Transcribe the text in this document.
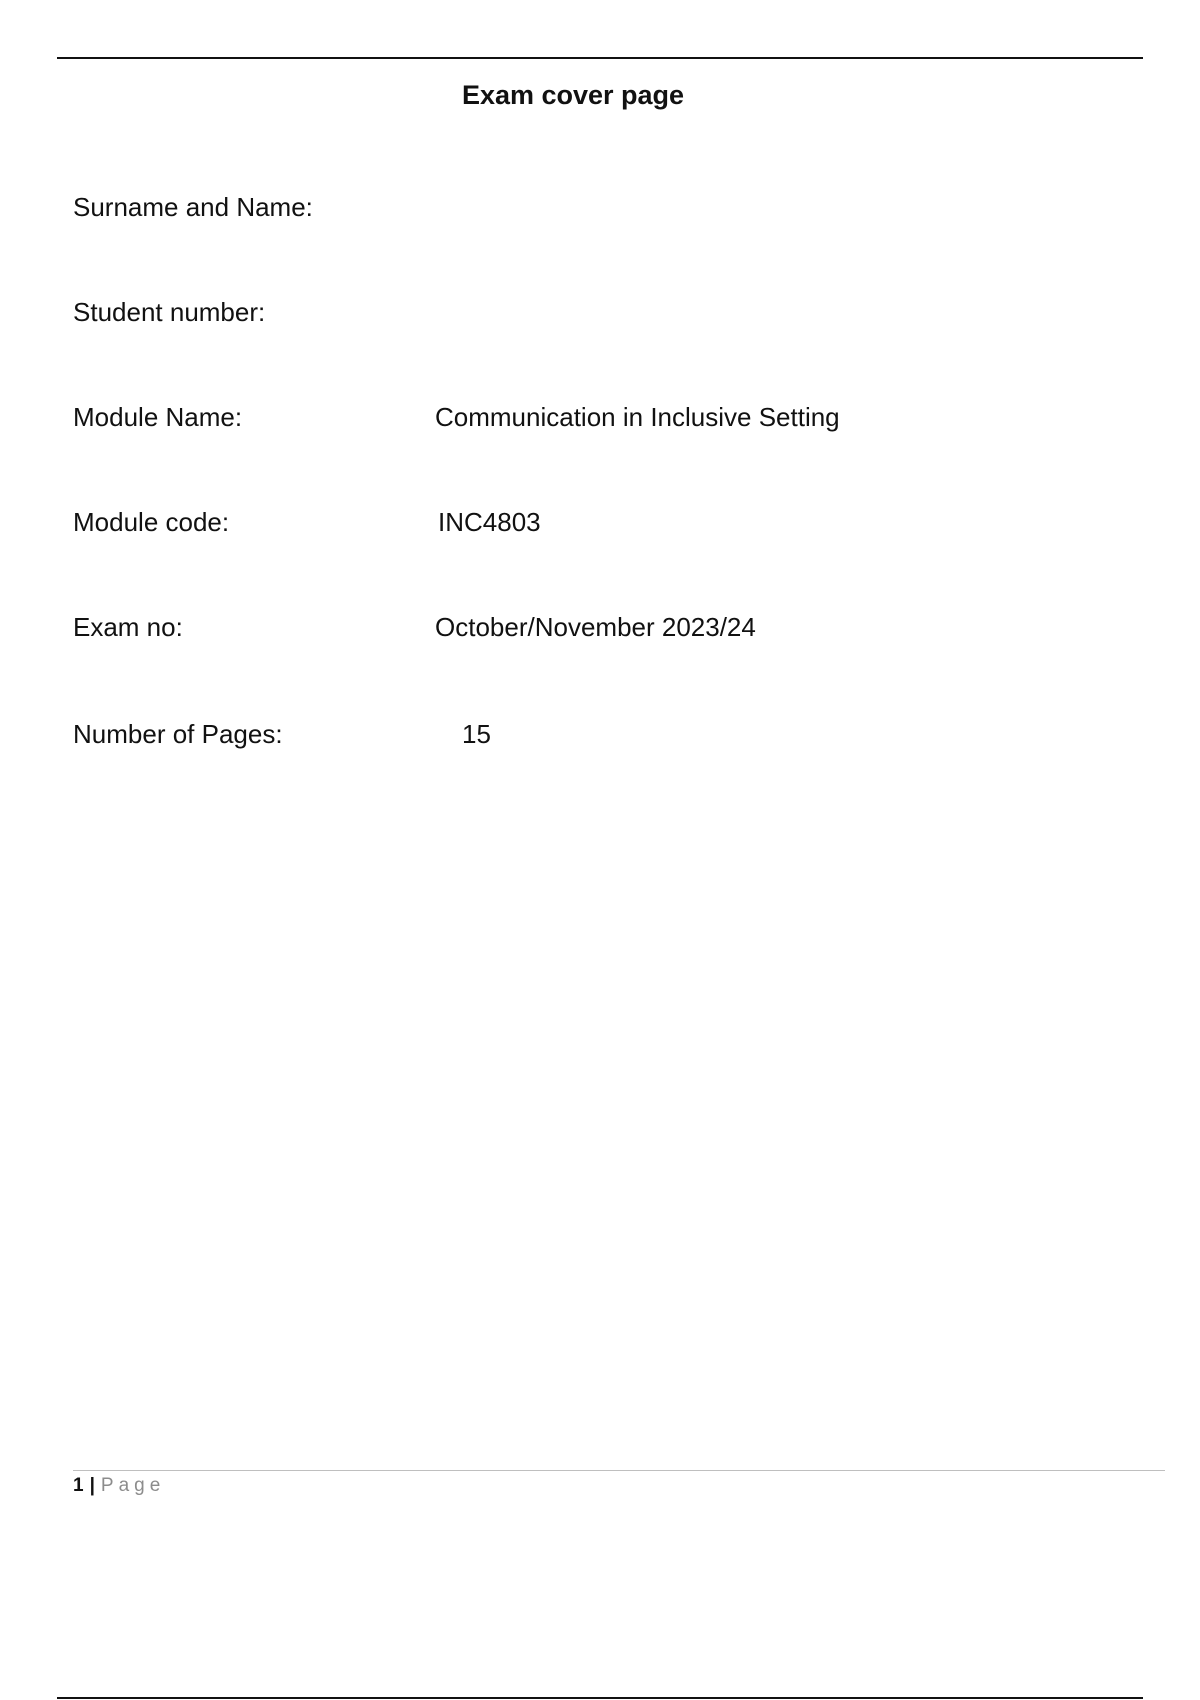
Exam cover page
Surname and Name:
Student number:
Module Name:	Communication in Inclusive Setting
Module code:	INC4803
Exam no:	October/November 2023/24
Number of Pages:	15
1 | Page
